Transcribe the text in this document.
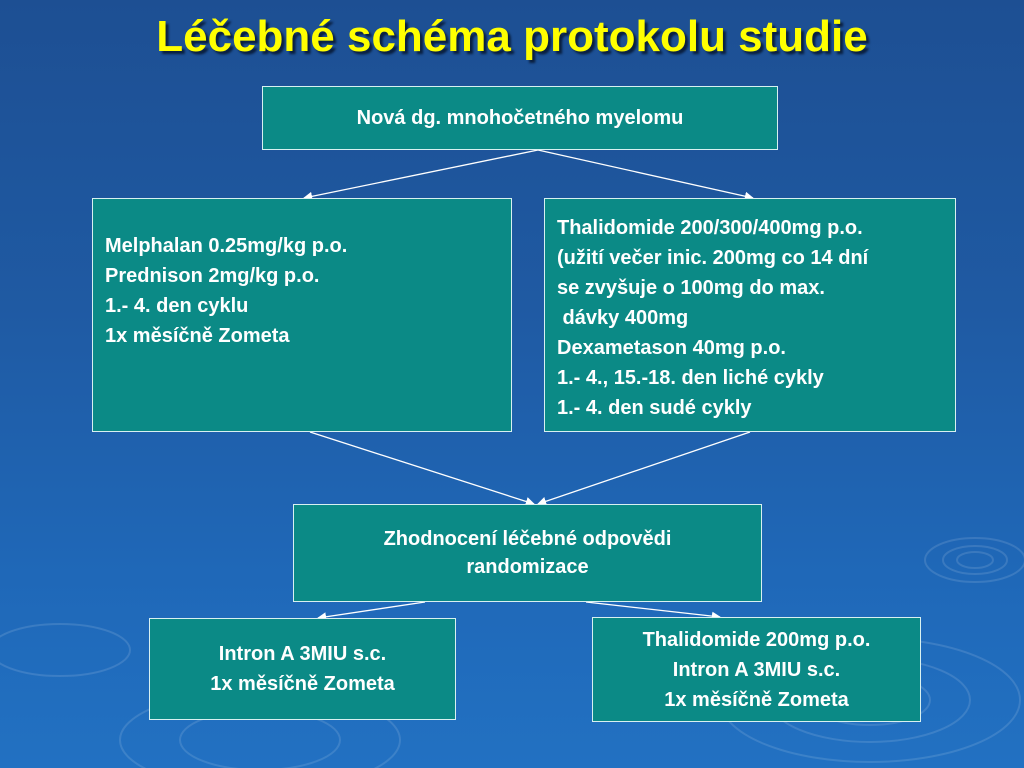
Léčebné schéma protokolu studie
Nová dg. mnohočetného myelomu
Melphalan 0.25mg/kg p.o.
Prednison 2mg/kg p.o.
1.- 4. den cyklu
1x měsíčně Zometa
Thalidomide 200/300/400mg p.o.
(užití večer inic. 200mg co 14 dní
se zvyšuje o 100mg do max.
dávky 400mg
Dexametason 40mg p.o.
1.- 4., 15.-18. den liché cykly
1.- 4. den sudé cykly
Zhodnocení léčebné odpovědi
randomizace
Intron A 3MIU s.c.
1x měsíčně Zometa
Thalidomide 200mg p.o.
Intron A 3MIU s.c.
1x měsíčně Zometa
